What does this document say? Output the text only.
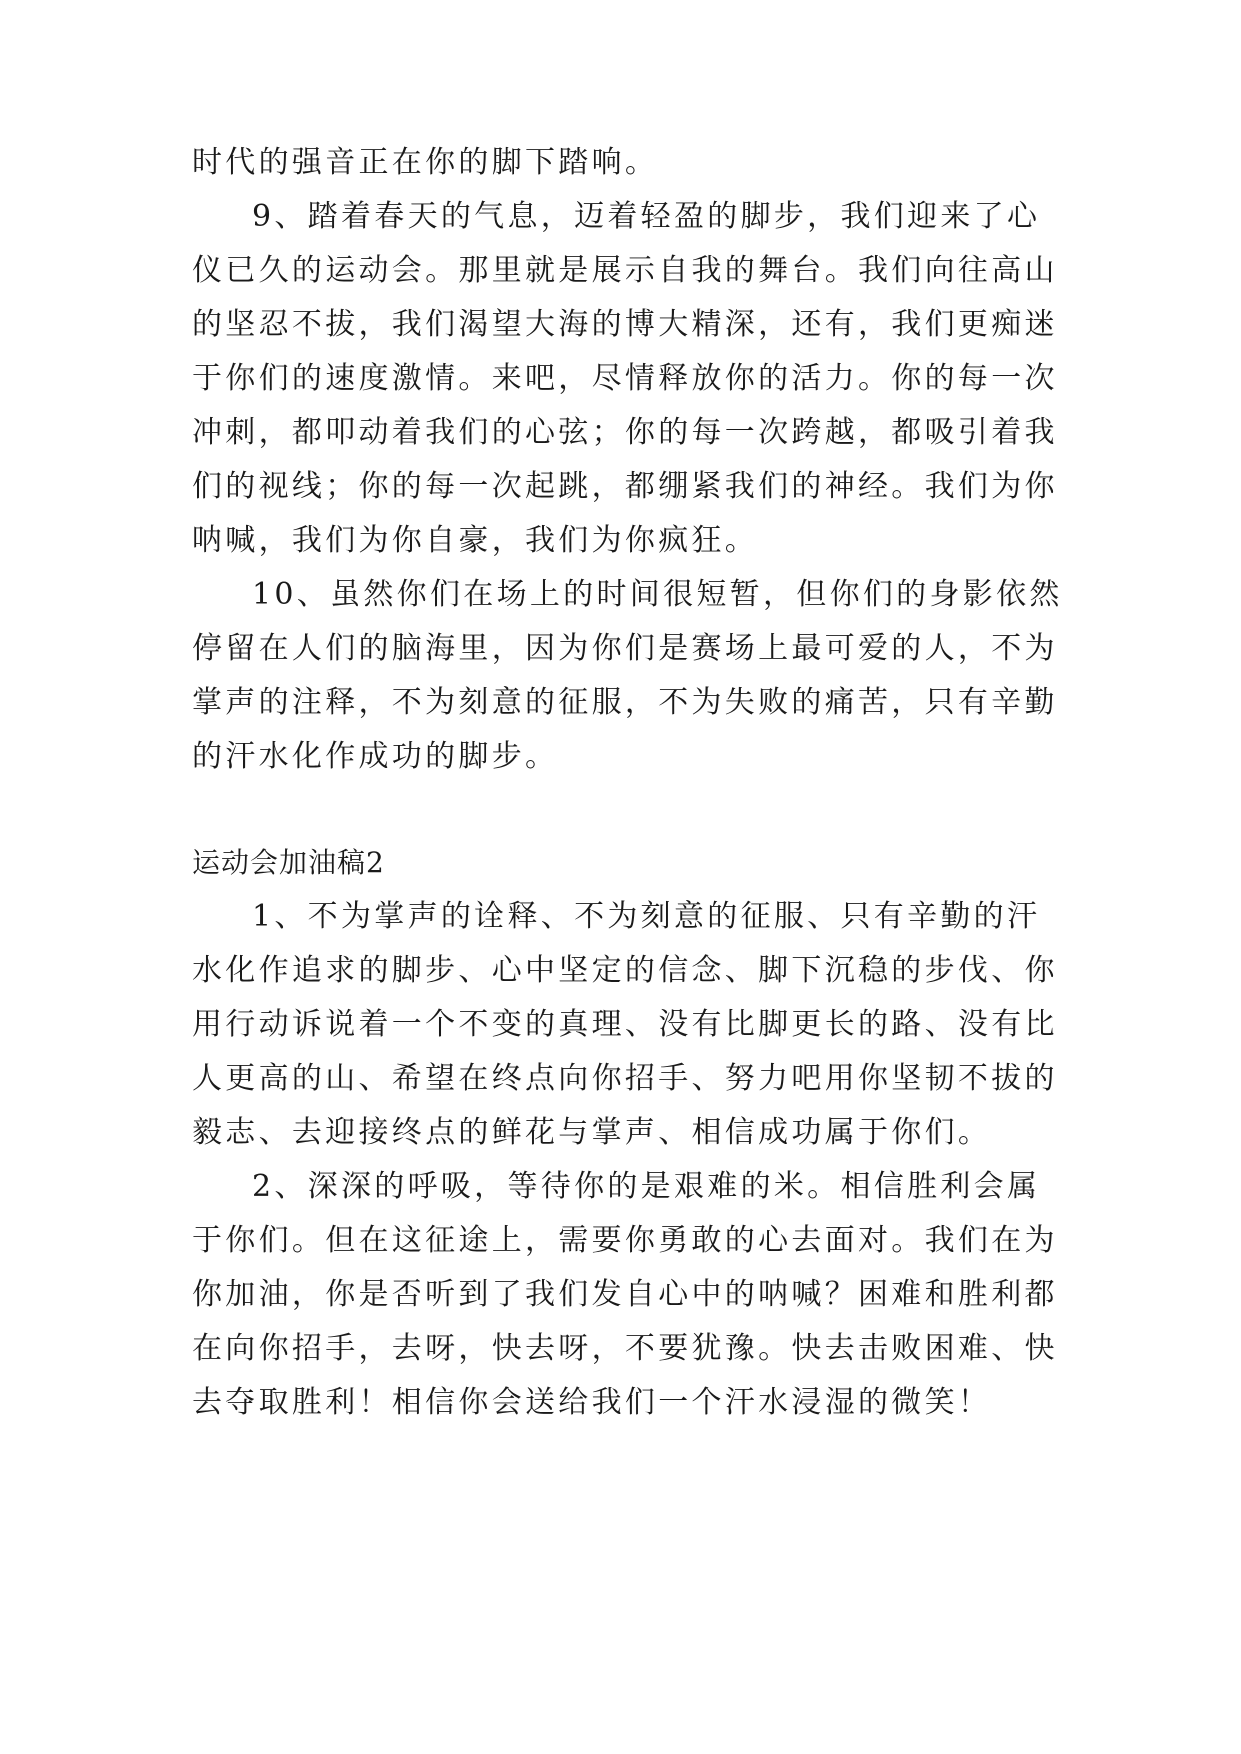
时代的强音正在你的脚下踏响。
9、踏着春天的气息，迈着轻盈的脚步，我们迎来了心
仪已久的运动会。那里就是展示自我的舞台。我们向往高山
的坚忍不拔，我们渴望大海的博大精深，还有，我们更痴迷
于你们的速度激情。来吧，尽情释放你的活力。你的每一次
冲刺，都叩动着我们的心弦；你的每一次跨越，都吸引着我
们的视线；你的每一次起跳，都绷紧我们的神经。我们为你
呐喊，我们为你自豪，我们为你疯狂。
10、虽然你们在场上的时间很短暂，但你们的身影依然
停留在人们的脑海里，因为你们是赛场上最可爱的人，不为
掌声的注释，不为刻意的征服，不为失败的痛苦，只有辛勤
的汗水化作成功的脚步。
运动会加油稿2
1、不为掌声的诠释、不为刻意的征服、只有辛勤的汗
水化作追求的脚步、心中坚定的信念、脚下沉稳的步伐、你
用行动诉说着一个不变的真理、没有比脚更长的路、没有比
人更高的山、希望在终点向你招手、努力吧用你坚韧不拔的
毅志、去迎接终点的鲜花与掌声、相信成功属于你们。
2、深深的呼吸，等待你的是艰难的米。相信胜利会属
于你们。但在这征途上，需要你勇敢的心去面对。我们在为
你加油，你是否听到了我们发自心中的呐喊？困难和胜利都
在向你招手，去呀，快去呀，不要犹豫。快去击败困难、快
去夺取胜利！相信你会送给我们一个汗水浸湿的微笑！
